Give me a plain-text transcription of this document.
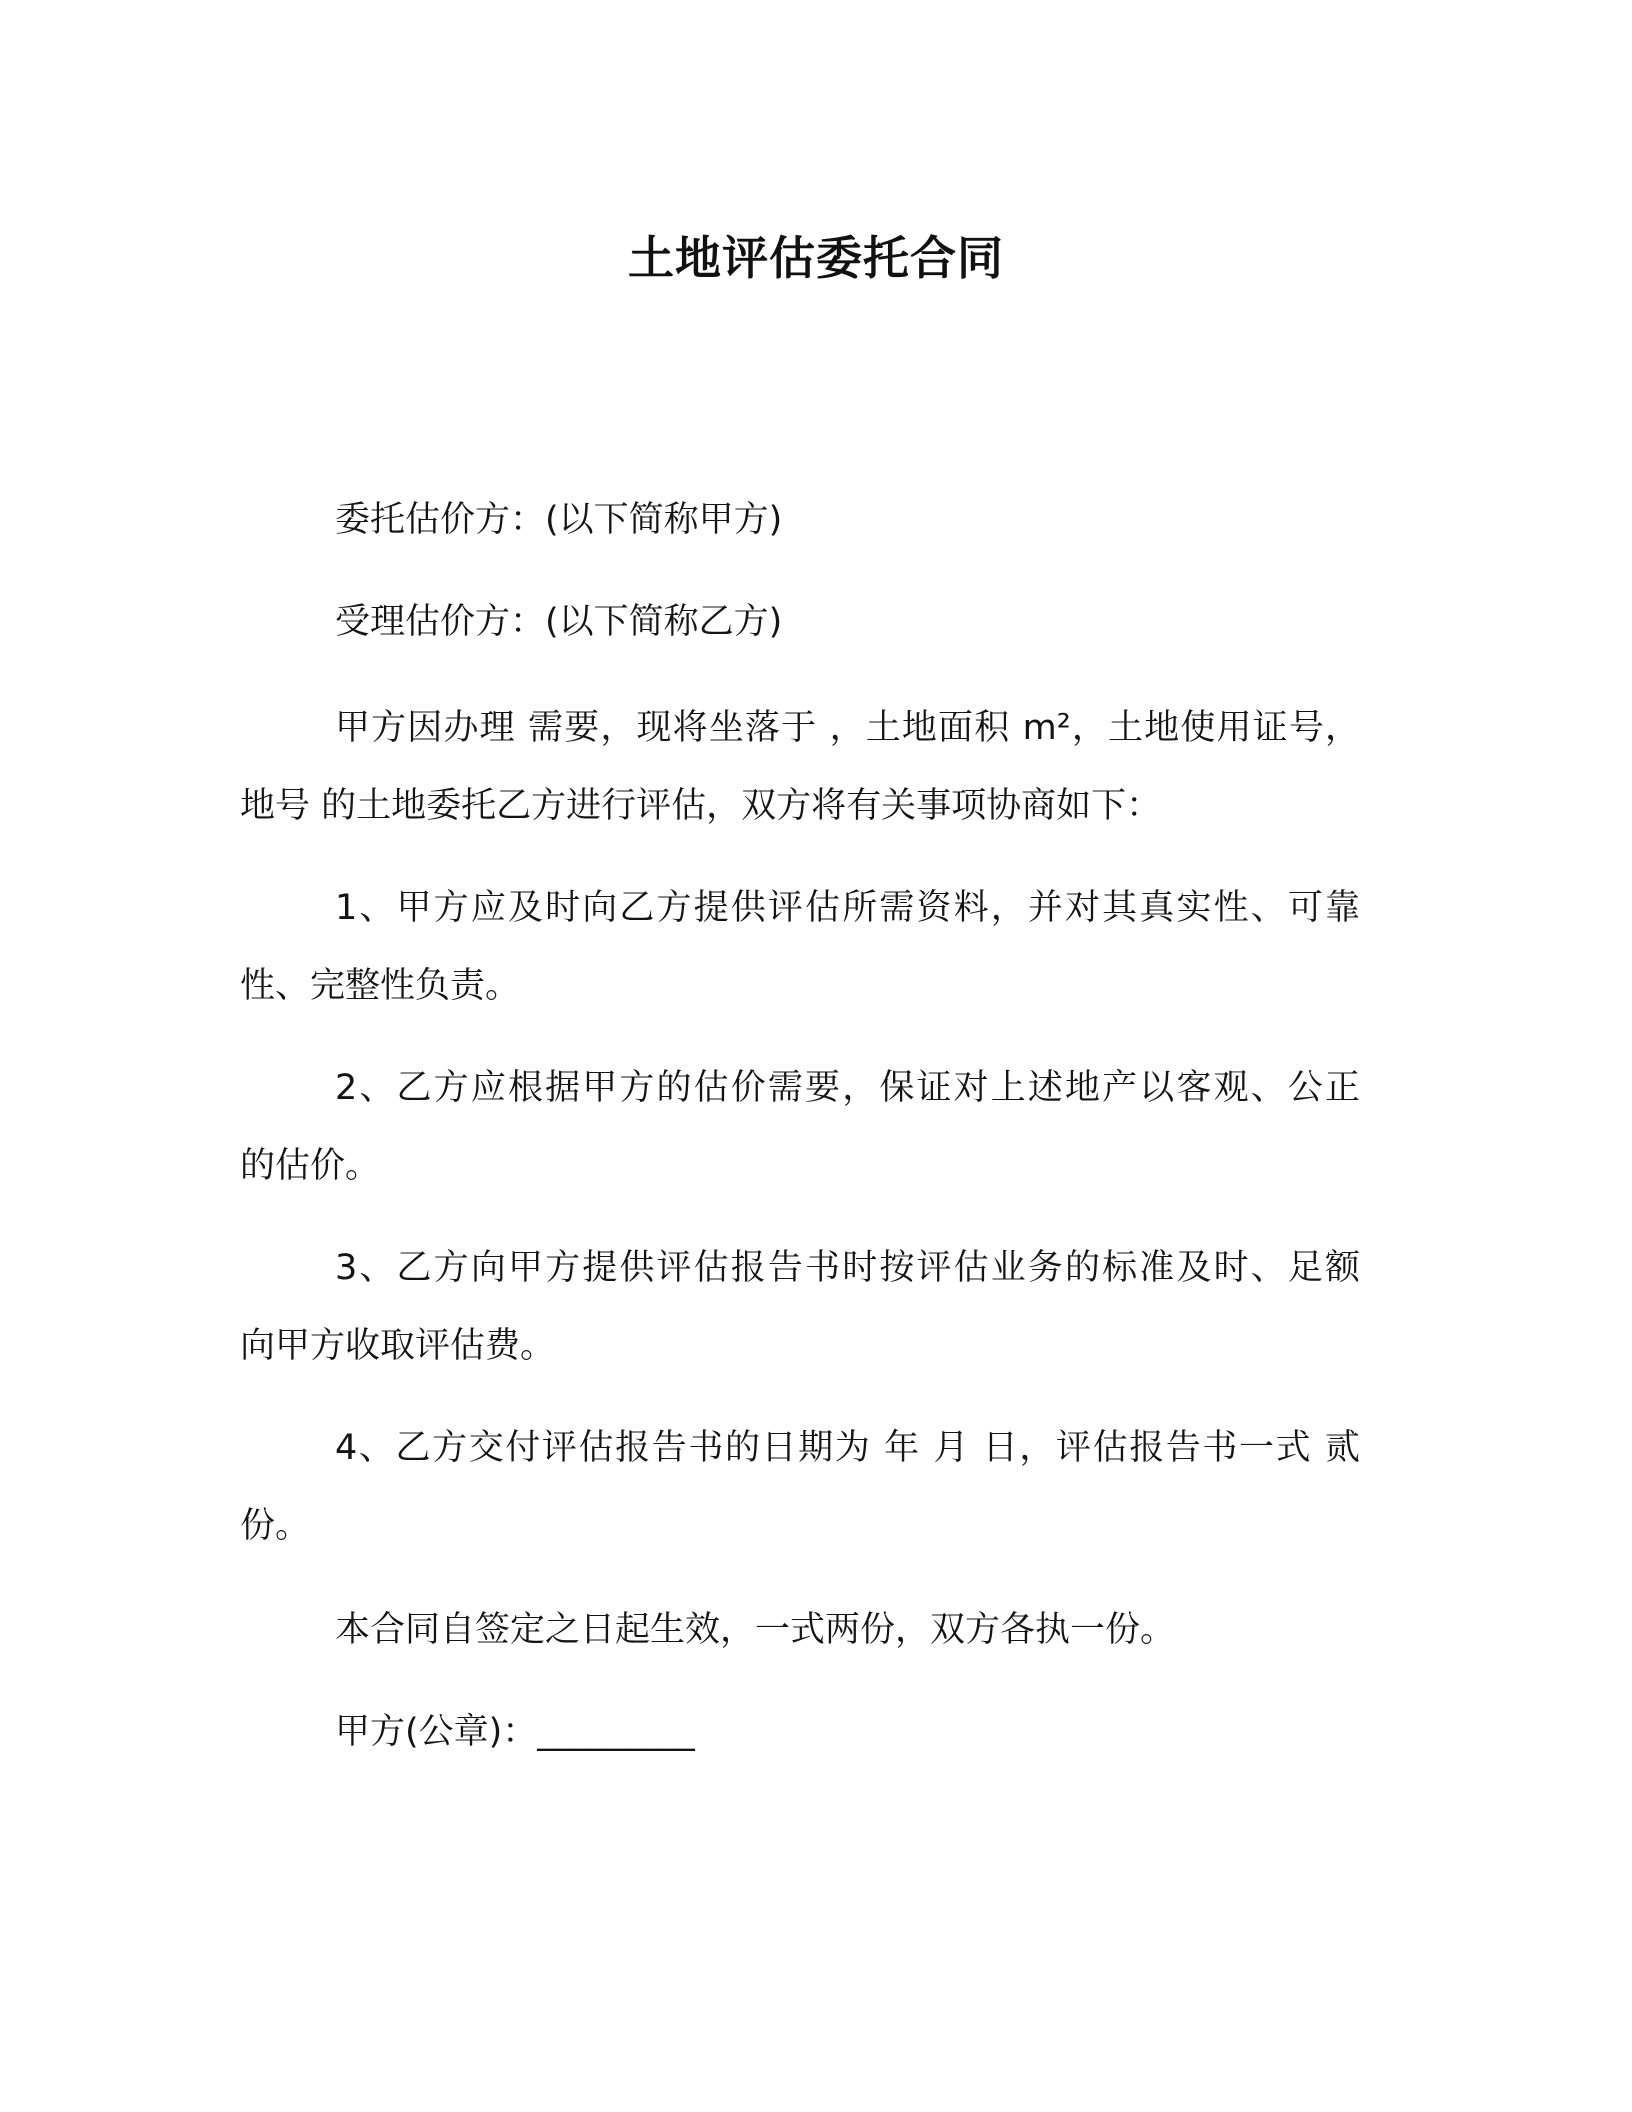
土地评估委托合同

委托估价方：(以下简称甲方)

受理估价方：(以下简称乙方)

甲方因办理 需要，现将坐落于 ，土地面积 m²，土地使用证号，

地号 的土地委托乙方进行评估，双方将有关事项协商如下：

1、甲方应及时向乙方提供评估所需资料，并对其真实性、可靠

性、完整性负责。

2、乙方应根据甲方的估价需要，保证对上述地产以客观、公正

的估价。

3、乙方向甲方提供评估报告书时按评估业务的标准及时、足额

向甲方收取评估费。

4、乙方交付评估报告书的日期为 年 月 日，评估报告书一式 贰

份。

本合同自签定之日起生效，一式两份，双方各执一份。

甲方(公章)：_________
